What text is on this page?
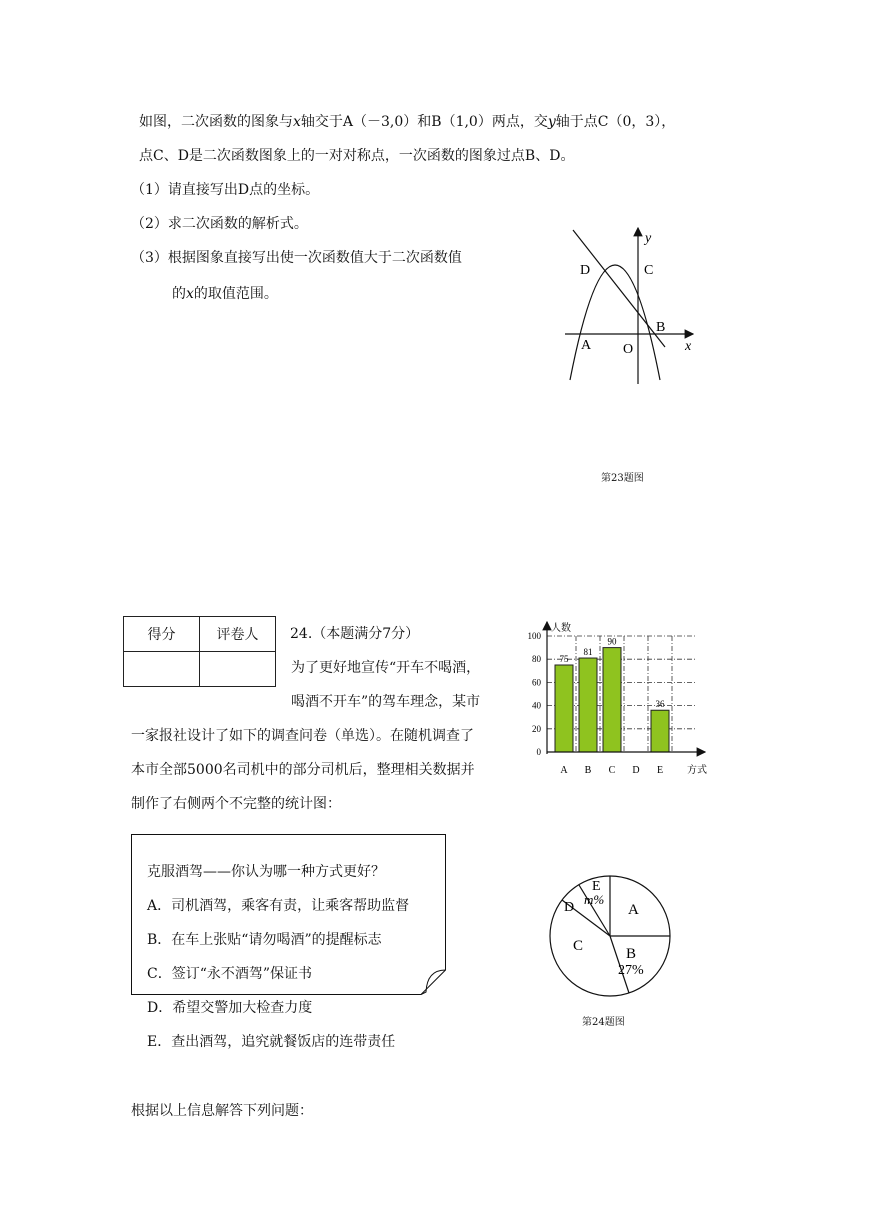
如图，二次函数的图象与x轴交于A（－3,0）和B（1,0）两点，交y轴于点C（0，3），
点C、D是二次函数图象上的一对对称点，一次函数的图象过点B、D。
（1）请直接写出D点的坐标。
（2）求二次函数的解析式。
（3）根据图象直接写出使一次函数值大于二次函数值
的x的取值范围。
y
D	C
B
A O	x
第23题图
得分	评卷人
	24.（本题满分7分）
为了更好地宣传“开车不喝酒，
喝酒不开车”的驾车理念，某市
一家报社设计了如下的调查问卷（单选）。在随机调查了
本市全部5000名司机中的部分司机后，整理相关数据并
制作了右侧两个不完整的统计图：
克服酒驾——你认为哪一种方式更好？
A．司机酒驾，乘客有责，让乘客帮助监督
B．在车上张贴“请勿喝酒”的提醒标志
C．签订“永不酒驾”保证书
D．希望交警加大检查力度
E．查出酒驾，追究就餐饭店的连带责任
0
20
40
60
80
100
75
81
90
36
A B C D E
人数
方式
A
B
27%
C
D
E
m%
第24题图
根据以上信息解答下列问题：
